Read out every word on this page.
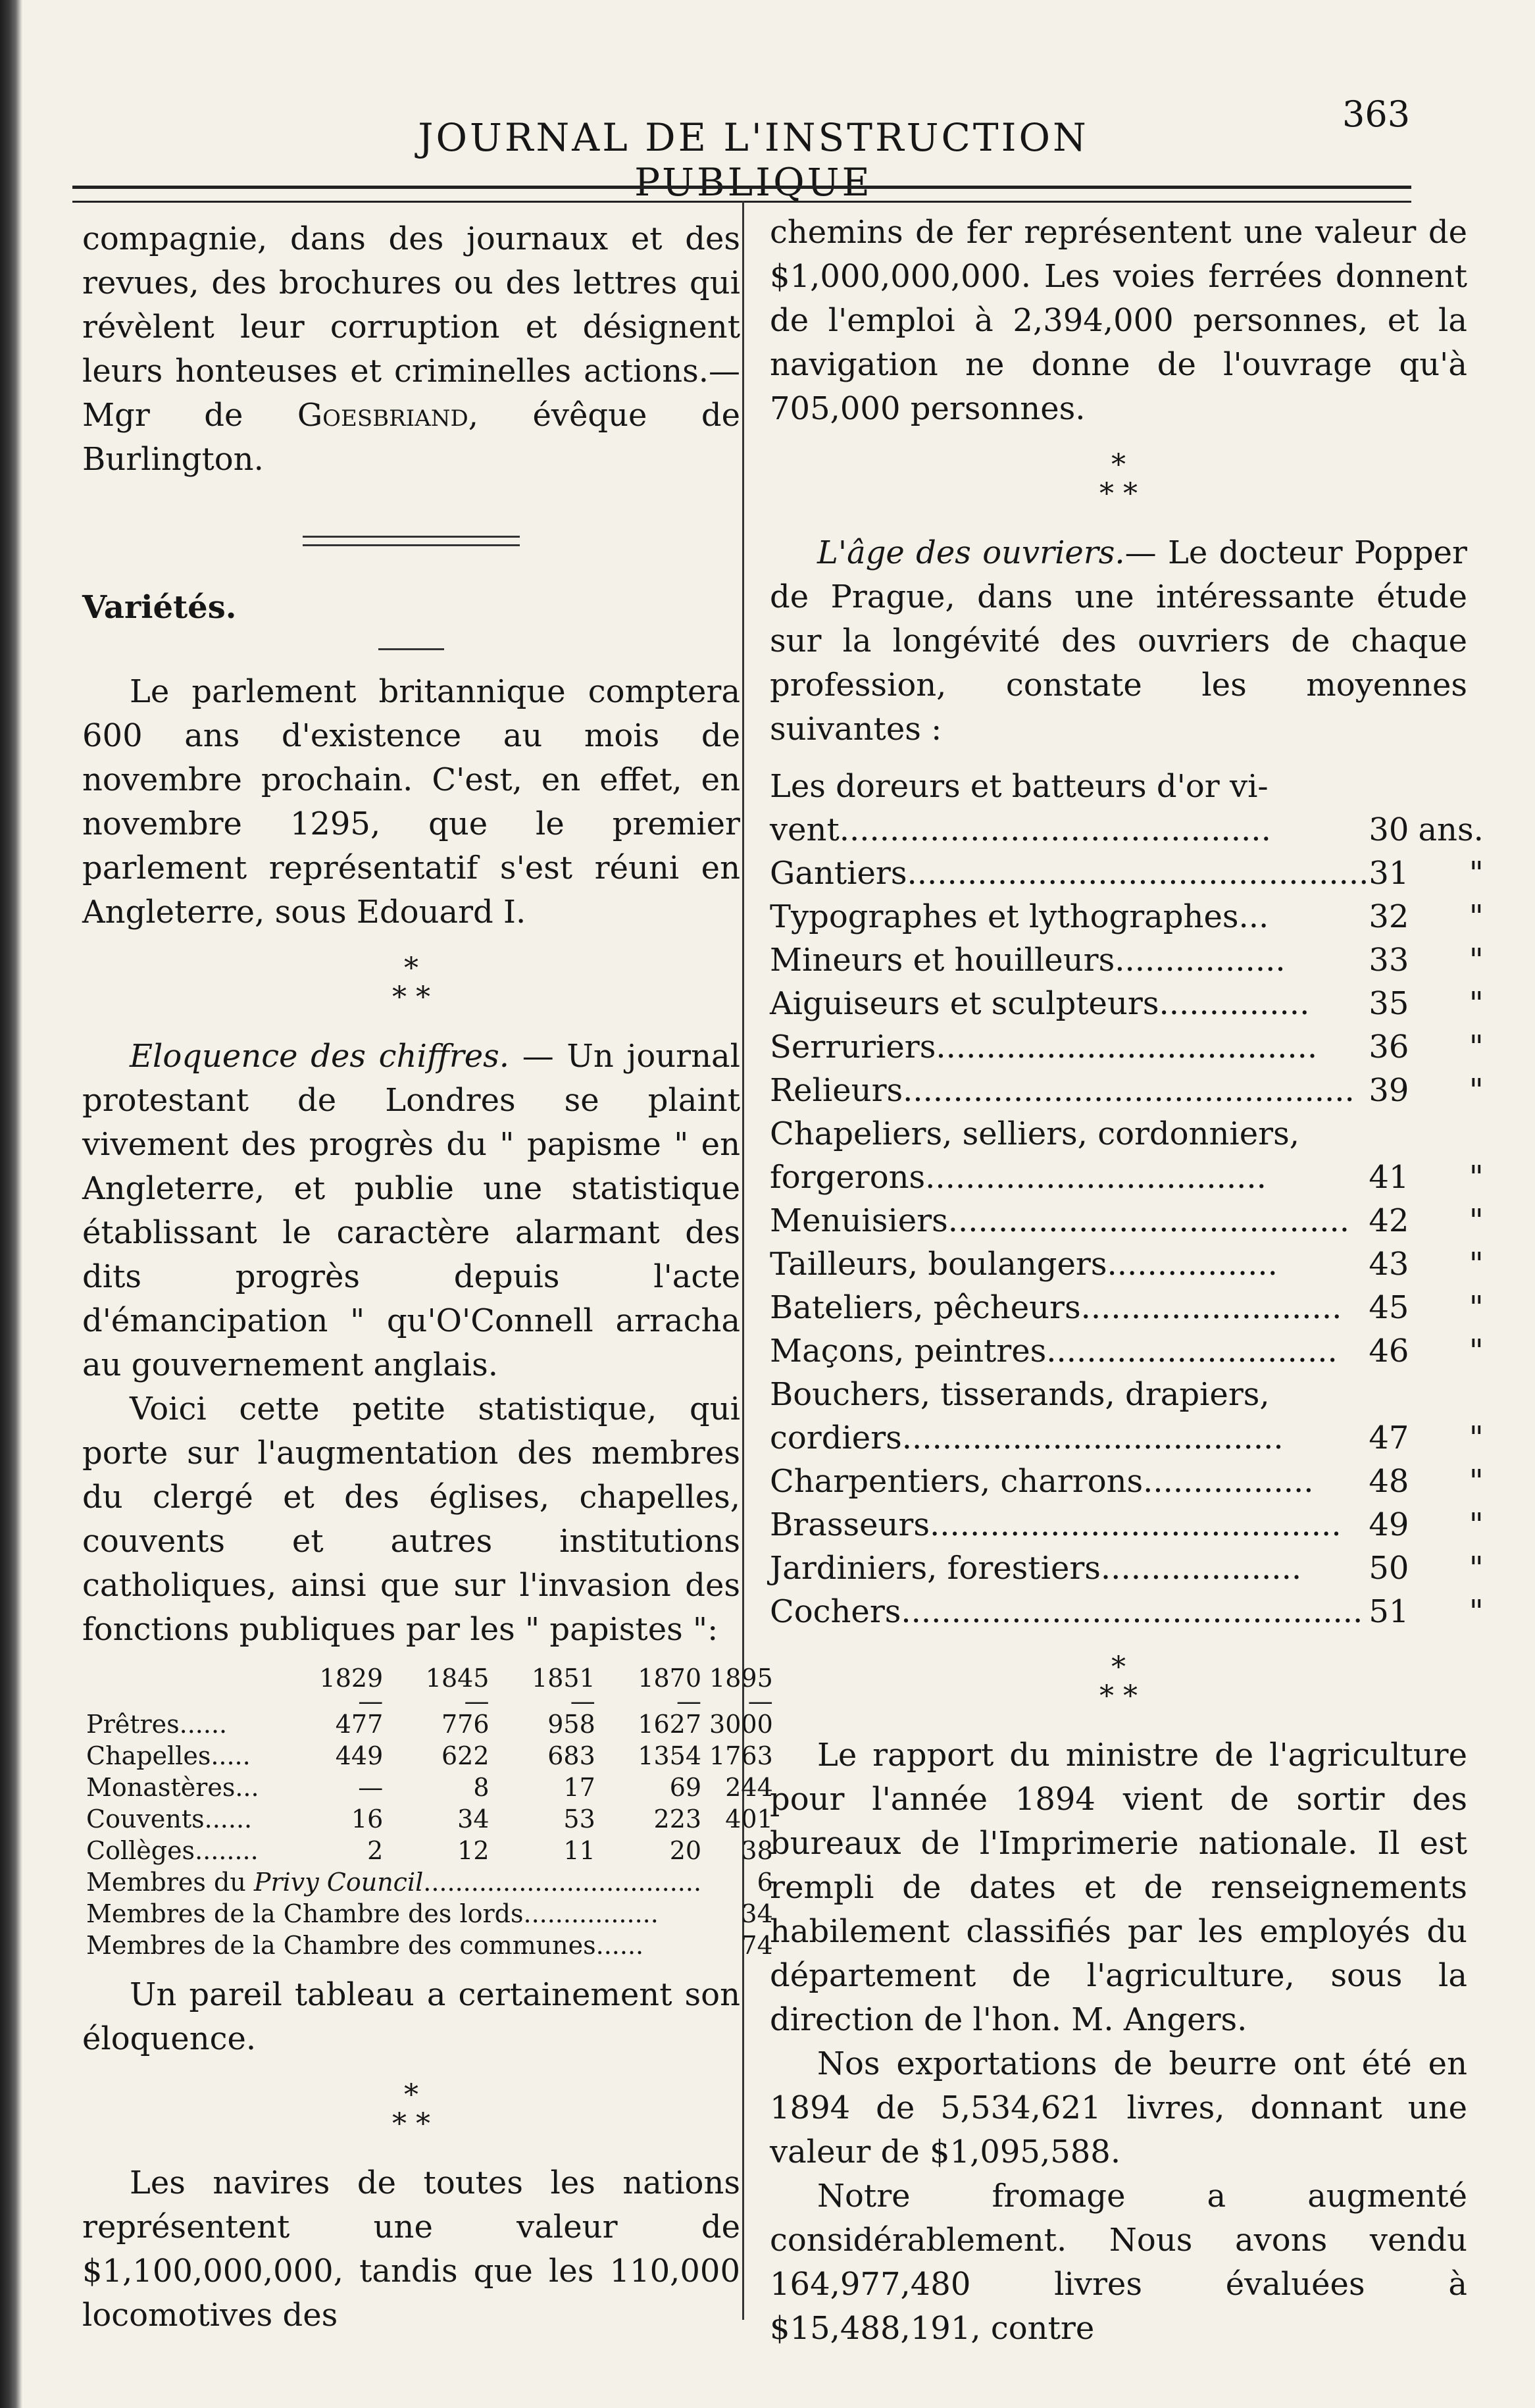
JOURNAL DE L'INSTRUCTION PUBLIQUE
363

compagnie, dans des journaux et des revues, des brochures ou des lettres qui révèlent leur corruption et désignent leurs honteuses et criminelles actions.— Mgr de Goesbriand, évêque de Burlington.

Variétés.

Le parlement britannique comptera 600 ans d'existence au mois de novembre prochain. C'est, en effet, en novembre 1295, que le premier parlement représentatif s'est réuni en Angleterre, sous Edouard I.

*
* *

Eloquence des chiffres. — Un journal protestant de Londres se plaint vivement des progrès du " papisme " en Angleterre, et publie une statistique établissant le caractère alarmant des dits progrès depuis l'acte d'émancipation " qu'O'Connell arracha au gouvernement anglais.

Voici cette petite statistique, qui porte sur l'augmentation des membres du clergé et des églises, chapelles, couvents et autres institutions catholiques, ainsi que sur l'invasion des fonctions publiques par les " papistes ":

	1829	1845	1851	1870	1895
	—	—	—	—	—
Prêtres......	477	776	958	1627	3000
Chapelles.....	449	622	683	1354	1763
Monastères...	—	8	17	69	244
Couvents......	16	34	53	223	401
Collèges........	2	12	11	20	38
Membres du Privy Council...................................					6
Membres de la Chambre des lords.................					34
Membres de la Chambre des communes......					74

Un pareil tableau a certainement son éloquence.

*
* *

Les navires de toutes les nations représentent une valeur de $1,100,000,000, tandis que les 110,000 locomotives des

chemins de fer représentent une valeur de $1,000,000,000. Les voies ferrées donnent de l'emploi à 2,394,000 personnes, et la navigation ne donne de l'ouvrage qu'à 705,000 personnes.

*
* *

L'âge des ouvriers.— Le docteur Popper de Prague, dans une intéressante étude sur la longévité des ouvriers de chaque profession, constate les moyennes suivantes :

Les doreurs et batteurs d'or vi-		
vent...........................................	30	ans.
Gantiers..............................................	31	"
Typographes et lythographes...	32	"
Mineurs et houilleurs.................	33	"
Aiguiseurs et sculpteurs...............	35	"
Serruriers......................................	36	"
Relieurs.............................................	39	"
Chapeliers, selliers, cordonniers,		
forgerons..................................	41	"
Menuisiers........................................	42	"
Tailleurs, boulangers.................	43	"
Bateliers, pêcheurs..........................	45	"
Maçons, peintres.............................	46	"
Bouchers, tisserands, drapiers,		
cordiers......................................	47	"
Charpentiers, charrons.................	48	"
Brasseurs.........................................	49	"
Jardiniers, forestiers....................	50	"
Cochers..............................................	51	"
*
* *

Le rapport du ministre de l'agriculture pour l'année 1894 vient de sortir des bureaux de l'Imprimerie nationale. Il est rempli de dates et de renseignements habilement classifiés par les employés du département de l'agriculture, sous la direction de l'hon. M. Angers.

Nos exportations de beurre ont été en 1894 de 5,534,621 livres, donnant une valeur de $1,095,588.

Notre fromage a augmenté considérablement. Nous avons vendu 164,977,480 livres évaluées à $15,488,191, contre
